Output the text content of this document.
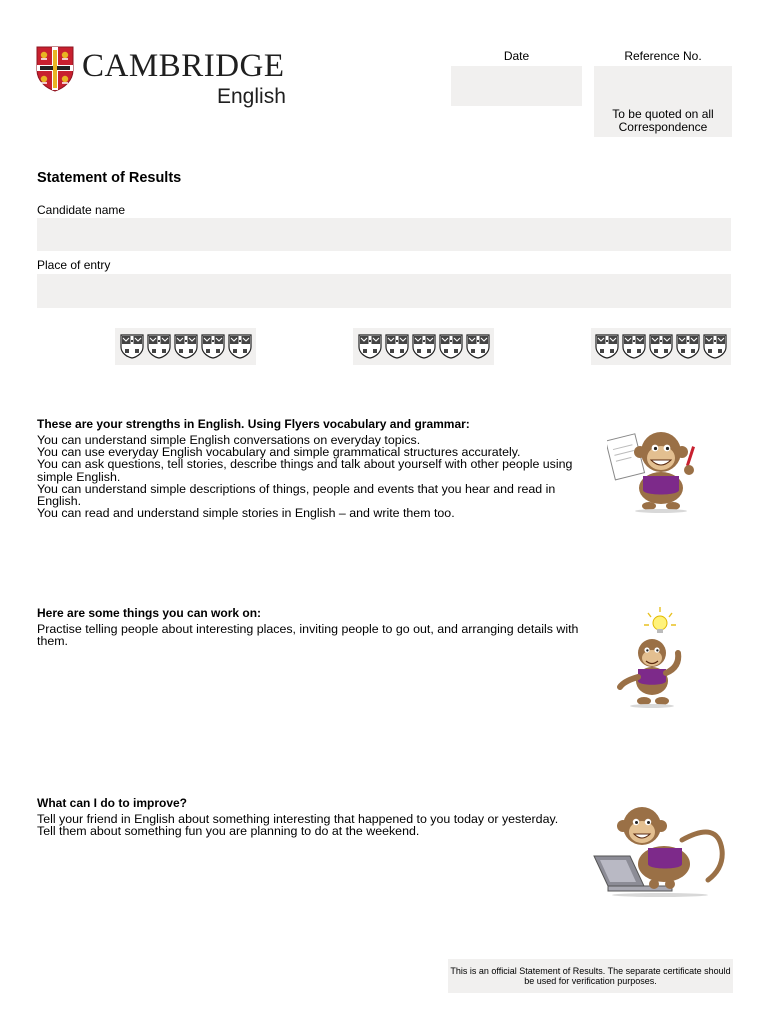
CAMBRIDGE
English
Date	Reference No.
To be quoted on all Correspondence
Statement of Results
Candidate name
Place of entry
These are your strengths in English. Using Flyers vocabulary and grammar:

You can understand simple English conversations on everyday topics.

You can use everyday English vocabulary and simple grammatical structures accurately.

You can ask questions, tell stories, describe things and talk about yourself with other people using simple English.

You can understand simple descriptions of things, people and events that you hear and read in English.

You can read and understand simple stories in English – and write them too.

Here are some things you can work on:

Practise telling people about interesting places, inviting people to go out, and arranging details with them.

What can I do to improve?

Tell your friend in English about something interesting that happened to you today or yesterday.

Tell them about something fun you are planning to do at the weekend.

This is an official Statement of Results. The separate certificate should be used for verification purposes.
